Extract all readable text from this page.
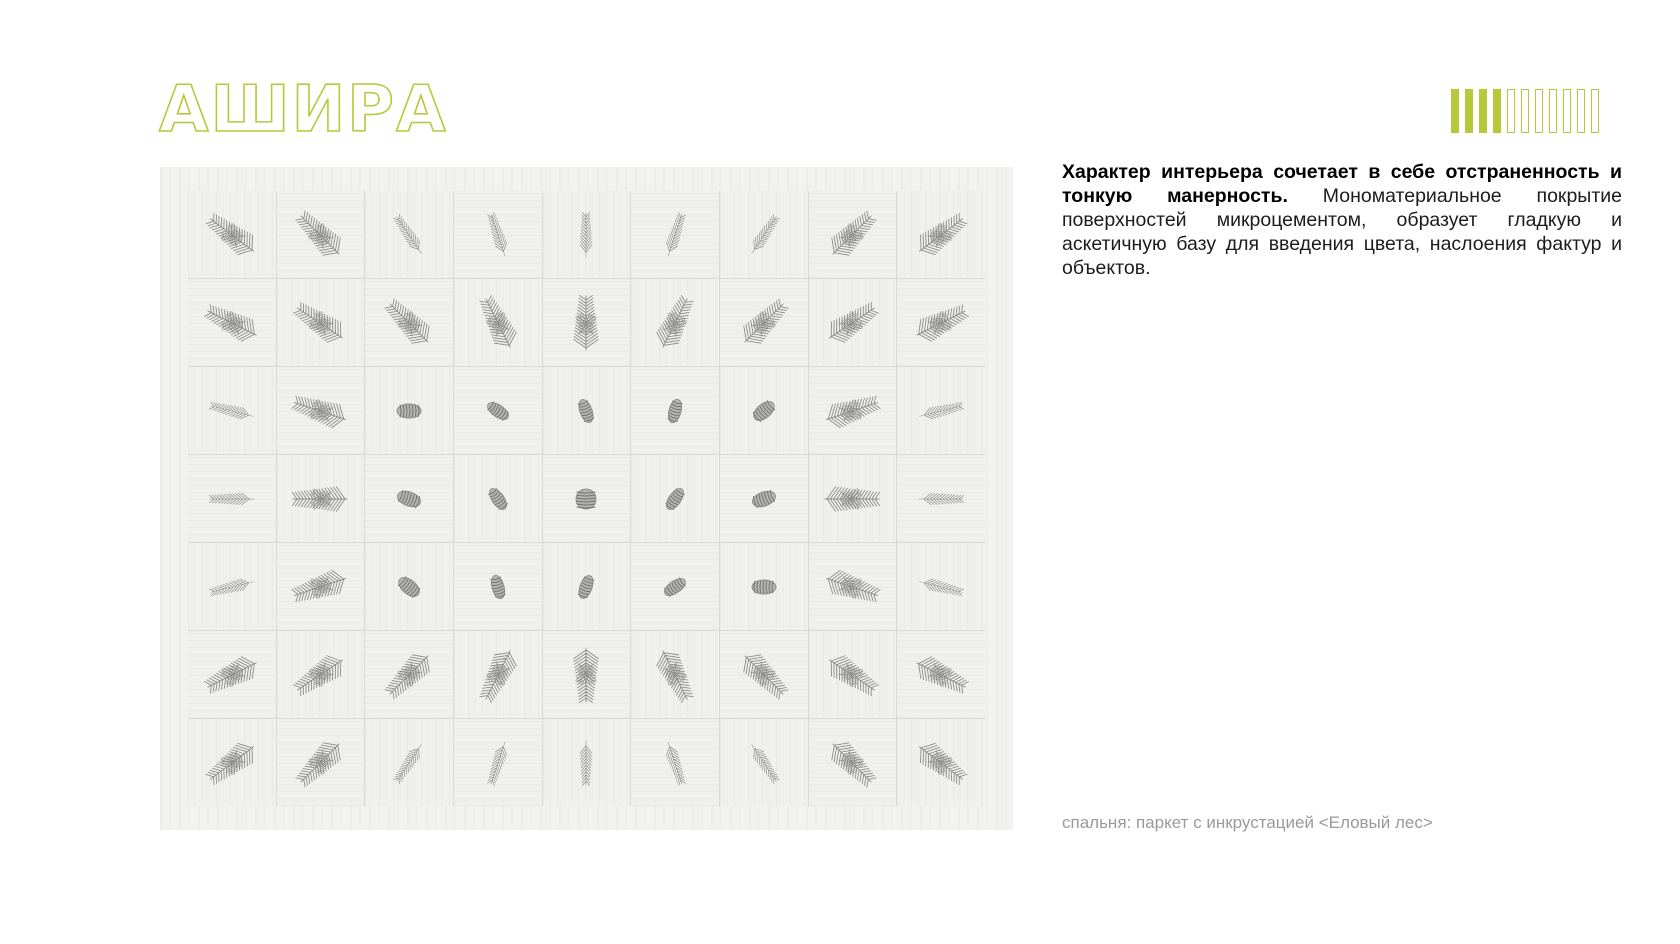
АШИРА

Характер интерьера сочетает в себе отстраненность и тонкую манерность. Мономатериальное покрытие поверхностей микроцементом, образует гладкую и аскетичную базу для введения цвета, наслоения фактур и объектов.

спальня: паркет с инкрустацией <Еловый лес>
